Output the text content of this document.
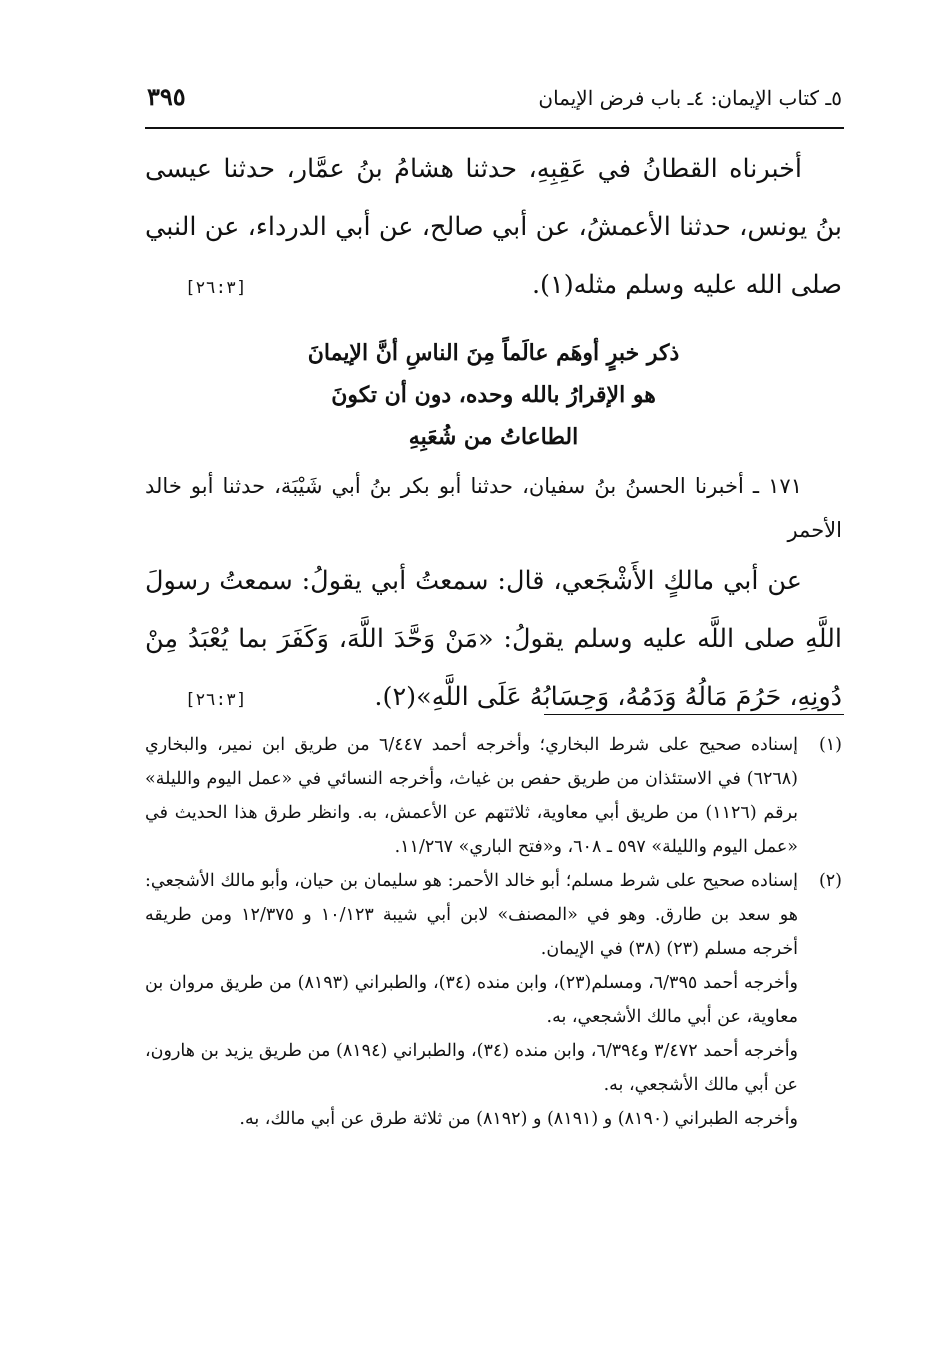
٥ـ كتاب الإيمان: ٤ـ باب فرض الإيمان
٣٩٥

أخبرناه القطانُ في عَقِبِهِ، حدثنا هشامُ بنُ عمَّار، حدثنا عيسى بنُ يونس، حدثنا الأعمشُ، عن أبي صالح، عن أبي الدرداء، عن النبي صلى الله عليه وسلم مثله(١).
[٢٦:٣]

ذكر خبرٍ أوهَم عالَماً مِنَ الناسِ أنَّ الإيمانَ

هو الإقرارُ بالله وحده، دون أن تكونَ

الطاعاتُ من شُعَبِهِ

١٧١ ـ أخبرنا الحسنُ بنُ سفيان، حدثنا أبو بكر بنُ أبي شَيْبَة، حدثنا أبو خالد الأحمر

عن أبي مالكٍ الأَشْجَعي، قال: سمعتُ أبي يقولُ: سمعتُ رسولَ اللَّهِ صلى اللَّه عليه وسلم يقولُ: «مَنْ وَحَّدَ اللَّهَ، وَكَفَرَ بما يُعْبَدُ مِنْ دُونِهِ، حَرُمَ مَالُهُ وَدَمُهُ، وَحِسَابُهُ عَلَى اللَّهِ»(٢).
[٢٦:٣]

(١)

إسناده صحيح على شرط البخاري؛ وأخرجه أحمد ٦/٤٤٧ من طريق ابن نمير، والبخاري (٦٢٦٨) في الاستئذان من طريق حفص بن غياث، وأخرجه النسائي في «عمل اليوم والليلة» برقم (١١٢٦) من طريق أبي معاوية، ثلاثتهم عن الأعمش، به. وانظر طرق هذا الحديث في «عمل اليوم والليلة» ٥٩٧ ـ ٦٠٨، و«فتح الباري» ١١/٢٦٧.

(٢)

إسناده صحيح على شرط مسلم؛ أبو خالد الأحمر: هو سليمان بن حيان، وأبو مالك الأشجعي: هو سعد بن طارق. وهو في «المصنف» لابن أبي شيبة ١٠/١٢٣ و ١٢/٣٧٥ ومن طريقه أخرجه مسلم (٢٣) (٣٨) في الإيمان.

وأخرجه أحمد ٦/٣٩٥، ومسلم(٢٣)، وابن منده (٣٤)، والطبراني (٨١٩٣) من طريق مروان بن معاوية، عن أبي مالك الأشجعي، به.

وأخرجه أحمد ٣/٤٧٢ و٦/٣٩٤، وابن منده (٣٤)، والطبراني (٨١٩٤) من طريق يزيد بن هارون، عن أبي مالك الأشجعي، به.

وأخرجه الطبراني (٨١٩٠) و (٨١٩١) و (٨١٩٢) من ثلاثة طرق عن أبي مالك، به.
